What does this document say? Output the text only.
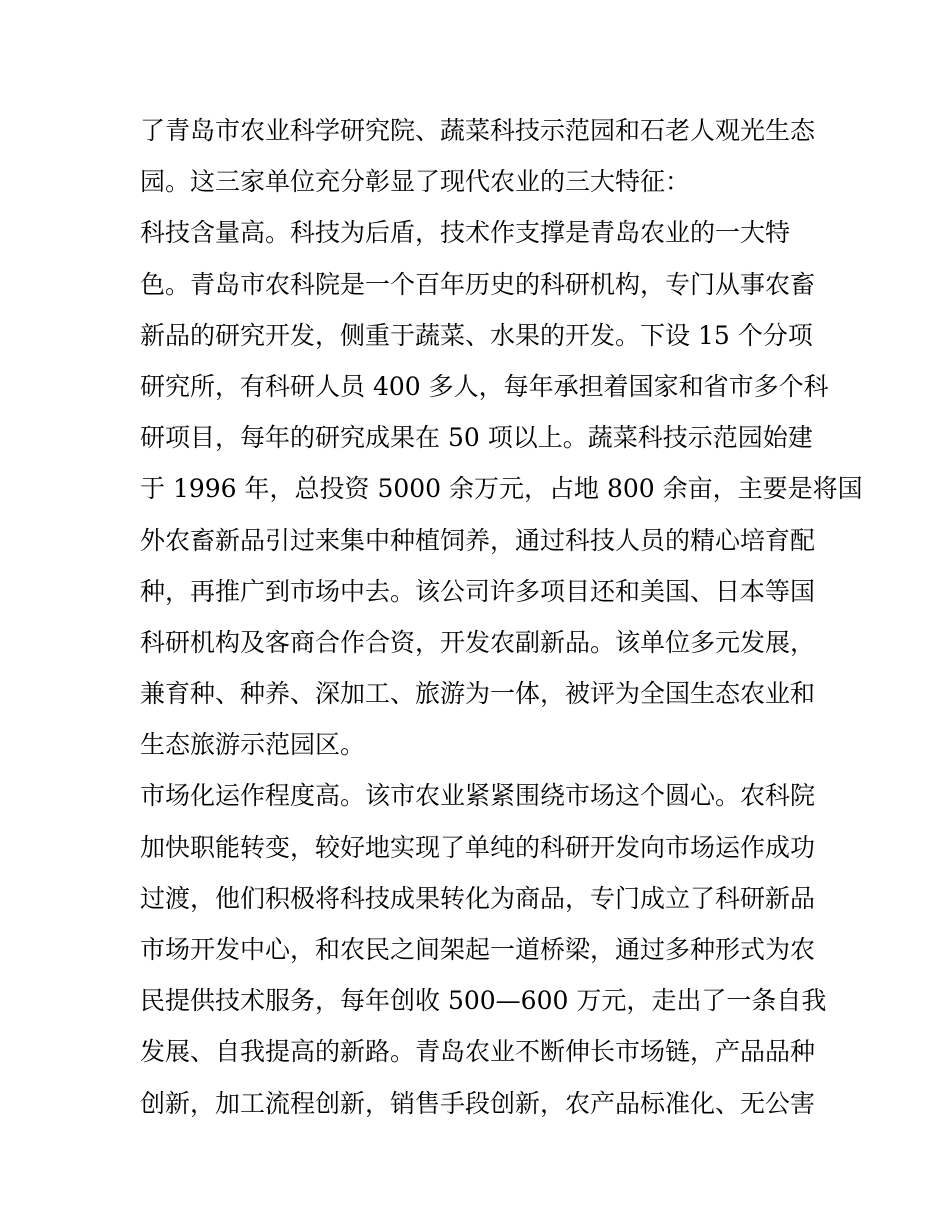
了青岛市农业科学研究院、蔬菜科技示范园和石老人观光生态
园。这三家单位充分彰显了现代农业的三大特征：
科技含量高。科技为后盾，技术作支撑是青岛农业的一大特
色。青岛市农科院是一个百年历史的科研机构，专门从事农畜
新品的研究开发，侧重于蔬菜、水果的开发。下设 15 个分项
研究所，有科研人员 400 多人，每年承担着国家和省市多个科
研项目，每年的研究成果在 50 项以上。蔬菜科技示范园始建
于 1996 年，总投资 5000 余万元，占地 800 余亩，主要是将国
外农畜新品引过来集中种植饲养，通过科技人员的精心培育配
种，再推广到市场中去。该公司许多项目还和美国、日本等国
科研机构及客商合作合资，开发农副新品。该单位多元发展，
兼育种、种养、深加工、旅游为一体，被评为全国生态农业和
生态旅游示范园区。
市场化运作程度高。该市农业紧紧围绕市场这个圆心。农科院
加快职能转变，较好地实现了单纯的科研开发向市场运作成功
过渡，他们积极将科技成果转化为商品，专门成立了科研新品
市场开发中心，和农民之间架起一道桥梁，通过多种形式为农
民提供技术服务，每年创收 500—600 万元，走出了一条自我
发展、自我提高的新路。青岛农业不断伸长市场链，产品品种
创新，加工流程创新，销售手段创新，农产品标准化、无公害
